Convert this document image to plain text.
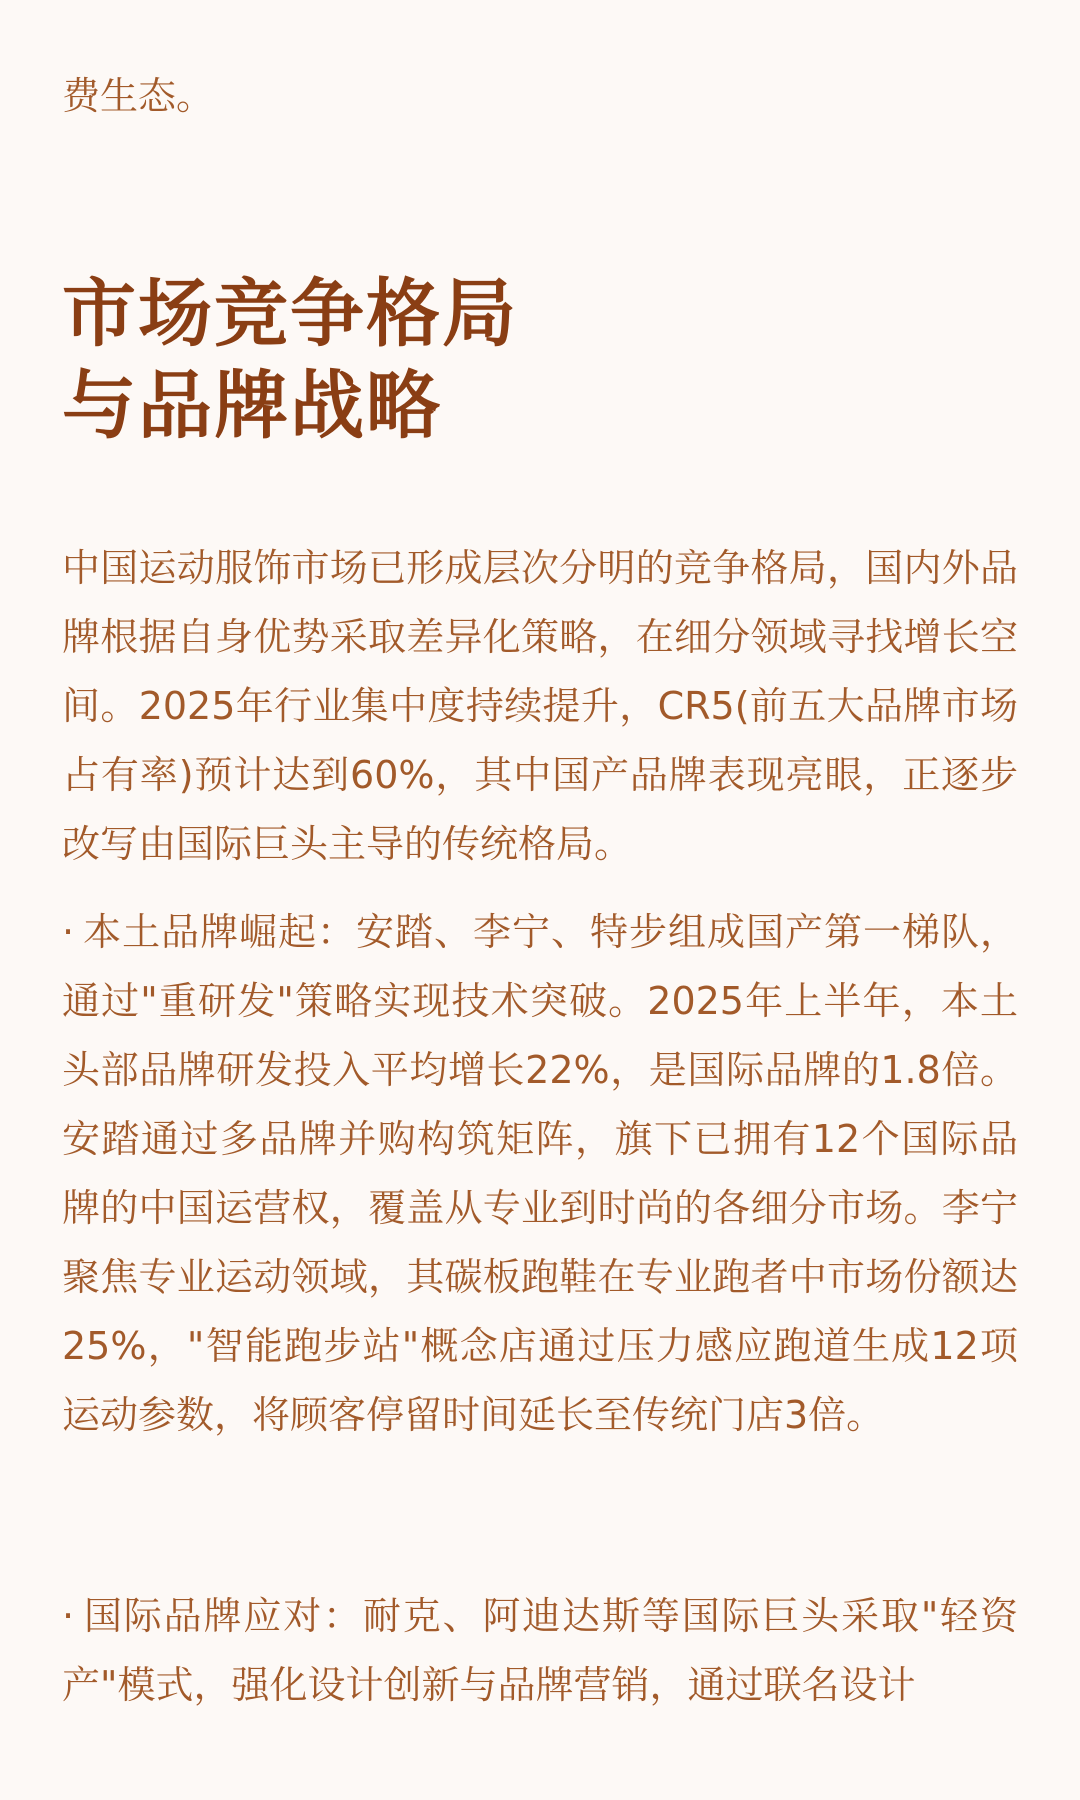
费生态。

市场竞争格局
与品牌战略

中国运动服饰市场已形成层次分明的竞争格局，国内外品牌根据自身优势采取差异化策略，在细分领域寻找增长空间。2025年行业集中度持续提升，CR5(前五大品牌市场占有率)预计达到60%，其中国产品牌表现亮眼，正逐步改写由国际巨头主导的传统格局。

· 本土品牌崛起：安踏、李宁、特步组成国产第一梯队，通过"重研发"策略实现技术突破。2025年上半年，本土头部品牌研发投入平均增长22%，是国际品牌的1.8倍。安踏通过多品牌并购构筑矩阵，旗下已拥有12个国际品牌的中国运营权，覆盖从专业到时尚的各细分市场。李宁聚焦专业运动领域，其碳板跑鞋在专业跑者中市场份额达25%，"智能跑步站"概念店通过压力感应跑道生成12项运动参数，将顾客停留时间延长至传统门店3倍。

· 国际品牌应对：耐克、阿迪达斯等国际巨头采取"轻资产"模式，强化设计创新与品牌营销，通过联名设计
